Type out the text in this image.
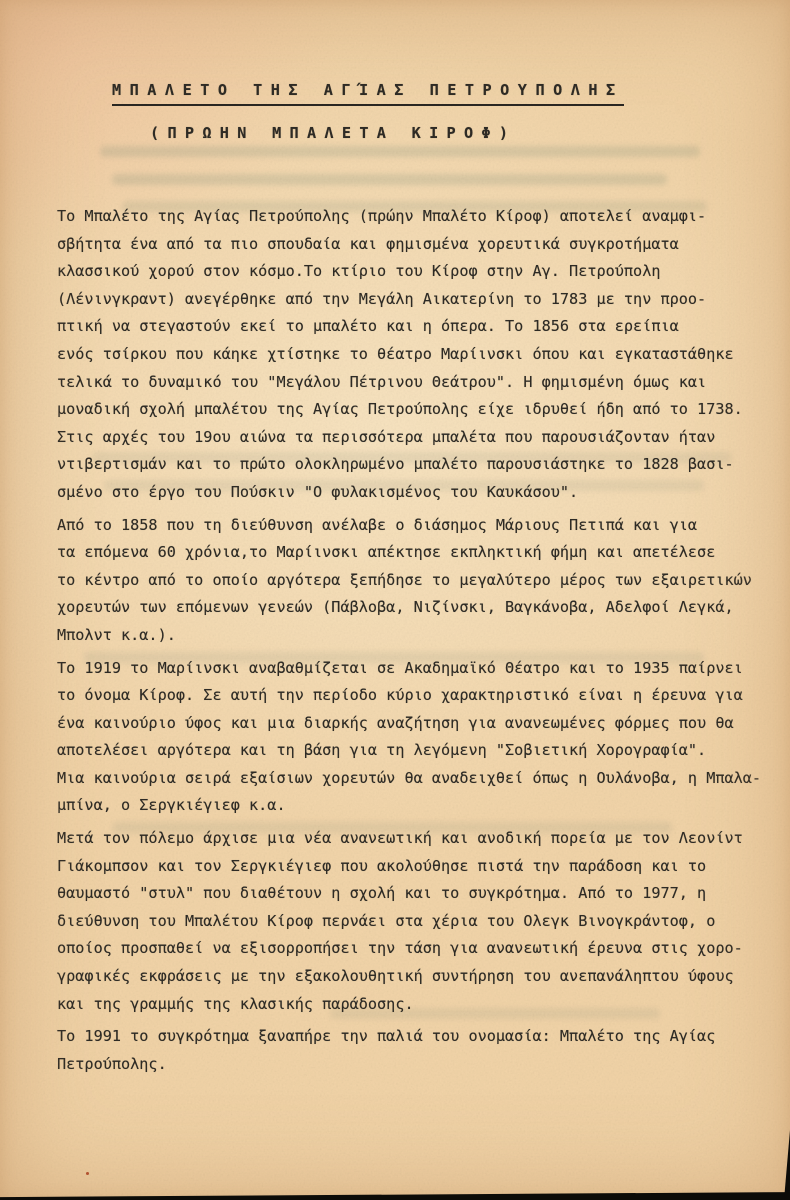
ΜΠΑΛΕΤΟ ΤΗΣ ΑΓΊΑΣ ΠΕΤΡΟΥΠΟΛΗΣ
(ΠΡΩΗΝ ΜΠΑΛΕΤΑ ΚΙΡΟΦ)
Το Μπαλέτο της Αγίας Πετρούπολης (πρώην Μπαλέτο Κίροφ) αποτελεί αναμφι-
σβήτητα ένα από τα πιο σπουδαία και φημισμένα χορευτικά συγκροτήματα
κλασσικού χορού στον κόσμο.Το κτίριο του Κίροφ στην Αγ. Πετρούπολη
(Λένινγκραντ) ανεγέρθηκε από την Μεγάλη Αικατερίνη το 1783 με την προο-
πτική να στεγαστούν εκεί το μπαλέτο και η όπερα. Το 1856 στα ερείπια
ενός τσίρκου που κάηκε χτίστηκε το θέατρο Μαρίινσκι όπου και εγκαταστάθηκε
τελικά το δυναμικό του "Μεγάλου Πέτρινου Θεάτρου". Η φημισμένη όμως και
μοναδική σχολή μπαλέτου της Αγίας Πετρούπολης είχε ιδρυθεί ήδη από το 1738.
Στις αρχές του 19ου αιώνα τα περισσότερα μπαλέτα που παρουσιάζονταν ήταν
ντιβερτισμάν και το πρώτο ολοκληρωμένο μπαλέτο παρουσιάστηκε το 1828 βασι-
σμένο στο έργο του Πούσκιν "Ο φυλακισμένος του Καυκάσου".
Από το 1858 που τη διεύθυνση ανέλαβε ο διάσημος Μάριους Πετιπά και για
τα επόμενα 60 χρόνια,το Μαρίινσκι απέκτησε εκπληκτική φήμη και απετέλεσε
το κέντρο από το οποίο αργότερα ξεπήδησε το μεγαλύτερο μέρος των εξαιρετικών
χορευτών των επόμενων γενεών (Πάβλοβα, Νιζίνσκι, Βαγκάνοβα, Αδελφοί Λεγκά,
Μπολντ κ.α.).
Το 1919 το Μαρίινσκι αναβαθμίζεται σε Ακαδημαϊκό Θέατρο και το 1935 παίρνει
το όνομα Κίροφ. Σε αυτή την περίοδο κύριο χαρακτηριστικό είναι η έρευνα για
ένα καινούριο ύφος και μια διαρκής αναζήτηση για ανανεωμένες φόρμες που θα
αποτελέσει αργότερα και τη βάση για τη λεγόμενη "Σοβιετική Χορογραφία".
Μια καινούρια σειρά εξαίσιων χορευτών θα αναδειχθεί όπως η Ουλάνοβα, η Μπαλα-
μπίνα, ο Σεργκιέγιεφ κ.α.
Μετά τον πόλεμο άρχισε μια νέα ανανεωτική και ανοδική πορεία με τον Λεονίντ
Γιάκομπσον και τον Σεργκιέγιεφ που ακολούθησε πιστά την παράδοση και το
θαυμαστό "στυλ" που διαθέτουν η σχολή και το συγκρότημα. Από το 1977, η
διεύθυνση του Μπαλέτου Κίροφ περνάει στα χέρια του Ολεγκ Βινογκράντοφ, ο
οποίος προσπαθεί να εξισορροπήσει την τάση για ανανεωτική έρευνα στις χορο-
γραφικές εκφράσεις με την εξακολουθητική συντήρηση του ανεπανάληπτου ύφους
και της γραμμής της κλασικής παράδοσης.
Το 1991 το συγκρότημα ξαναπήρε την παλιά του ονομασία: Μπαλέτο της Αγίας
Πετρούπολης.
